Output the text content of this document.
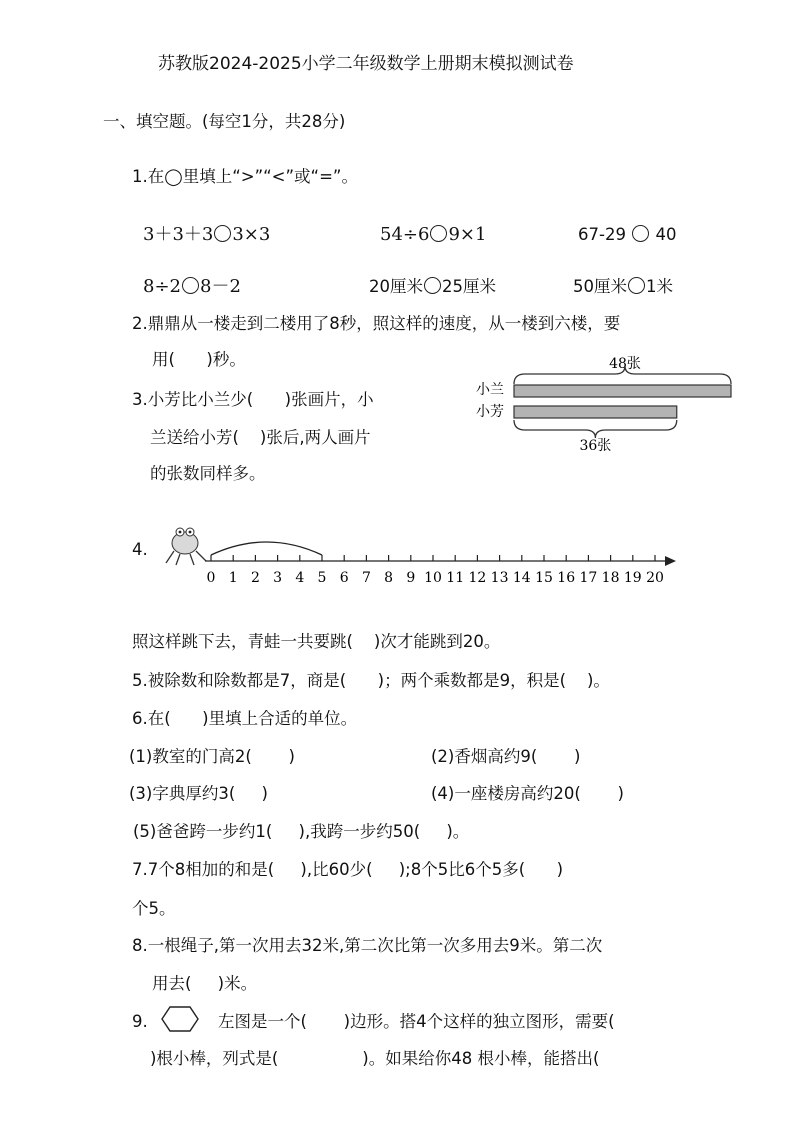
苏教版2024-2025小学二年级数学上册期末模拟测试卷
一、填空题。(每空1分，共28分)
1.在◯里填上“>”“<”或“=”。
3＋3＋3 3×3	54÷6 9×1	67-29 40
8÷2 8－2	20厘米 25厘米	50厘米 1米
2.鼎鼎从一楼走到二楼用了8秒，照这样的速度，从一楼到六楼，要
用(      )秒。
3.小芳比小兰少(      )张画片，小
兰送给小芳(    )张后,两人画片
的张数同样多。
48张
小兰
小芳
36张
4.
0 1 2 3 4 5 6 7 8 9 10 11 12 13 14 15 16 17 18 19 20
照这样跳下去，青蛙一共要跳(    )次才能跳到20。
5.被除数和除数都是7，商是(      )；两个乘数都是9，积是(    )。
6.在(      )里填上合适的单位。
(1)教室的门高2(       )	(2)香烟高约9(       )
(3)字典厚约3(     )	(4)一座楼房高约20(       )
(5)爸爸跨一步约1(     ),我跨一步约50(     )。
7.7个8相加的和是(     ),比60少(     );8个5比6个5多(      )
个5。
8.一根绳子,第一次用去32米,第二次比第一次多用去9米。第二次
用去(     )米。
9.	左图是一个(       )边形。搭4个这样的独立图形，需要(
)根小棒，列式是(                )。如果给你48 根小棒，能搭出(
